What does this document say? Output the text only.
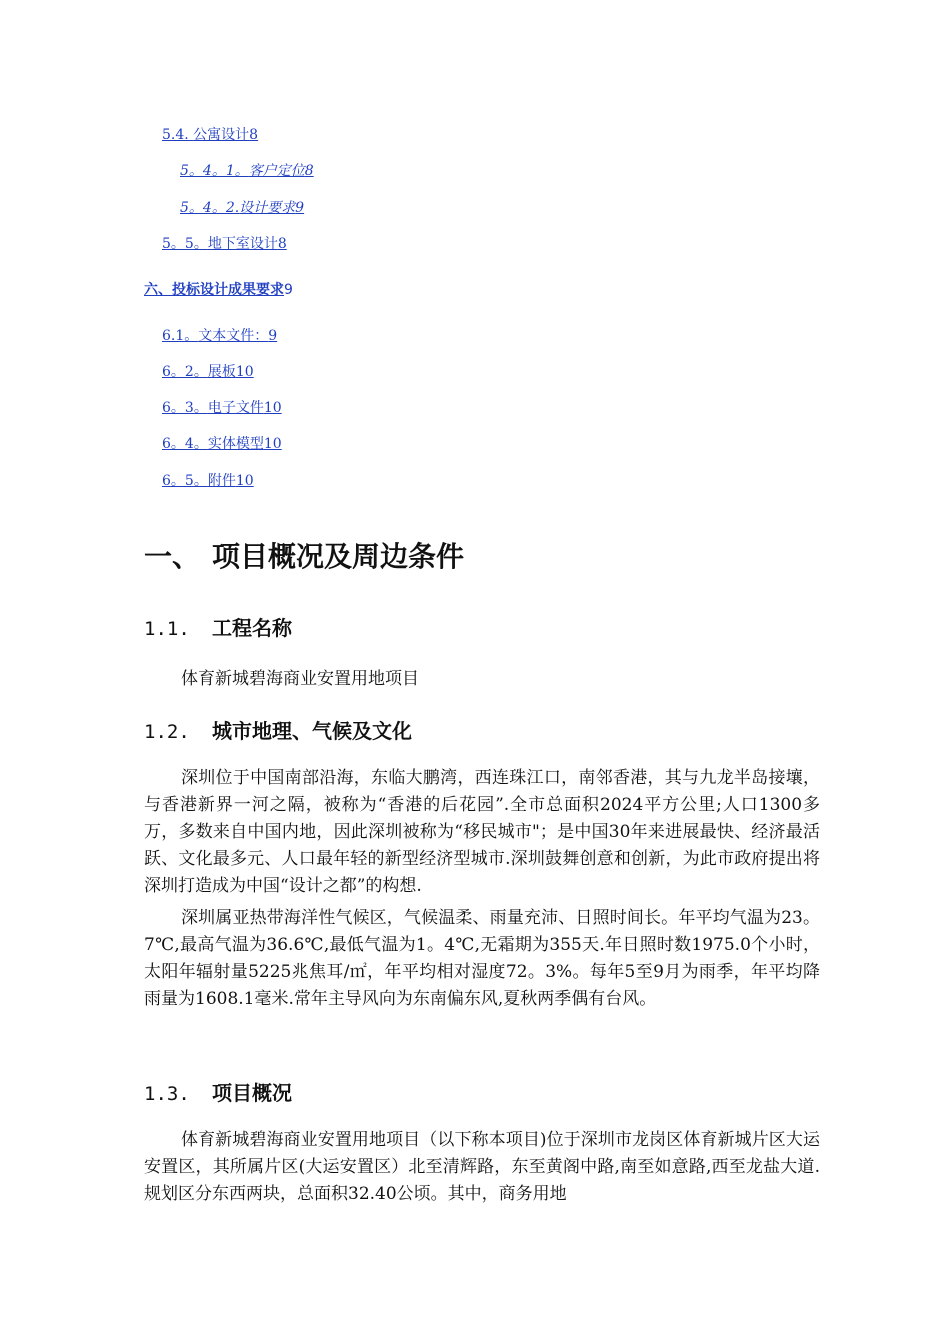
5.4. 公寓设计8
5。4。1。客户定位8
5。4。2.设计要求9
5。5。地下室设计8
六、投标设计成果要求9
6.1。文本文件：9
6。2。展板10
6。3。电子文件10
6。4。实体模型10
6。5。附件10
一、 项目概况及周边条件
1.1. 工程名称
体育新城碧海商业安置用地项目
1.2. 城市地理、气候及文化
深圳位于中国南部沿海，东临大鹏湾，西连珠江口，南邻香港，其与九龙半岛接壤，与香港新界一河之隔，被称为“香港的后花园”.全市总面积2024平方公里;人口1300多万，多数来自中国内地，因此深圳被称为“移民城市"；是中国30年来进展最快、经济最活跃、文化最多元、人口最年轻的新型经济型城市.深圳鼓舞创意和创新，为此市政府提出将深圳打造成为中国“设计之都”的构想.
深圳属亚热带海洋性气候区，气候温柔、雨量充沛、日照时间长。年平均气温为23。7℃,最高气温为36.6℃,最低气温为1。4℃,无霜期为355天.年日照时数1975.0个小时，太阳年辐射量5225兆焦耳/㎡，年平均相对湿度72。3%。每年5至9月为雨季，年平均降雨量为1608.1毫米.常年主导风向为东南偏东风,夏秋两季偶有台风。
1.3. 项目概况
体育新城碧海商业安置用地项目（以下称本项目)位于深圳市龙岗区体育新城片区大运安置区，其所属片区(大运安置区）北至清辉路，东至黄阁中路,南至如意路,西至龙盐大道.规划区分东西两块，总面积32.40公顷。其中，商务用地
